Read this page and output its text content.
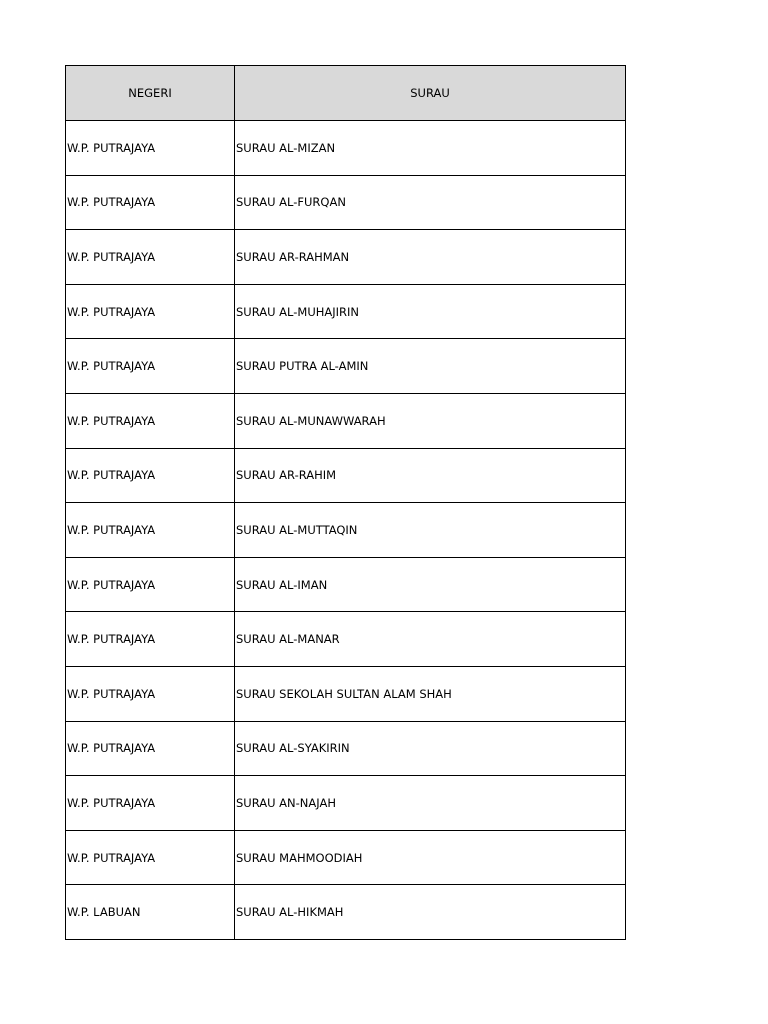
NEGERI	SURAU
W.P. PUTRAJAYA	SURAU AL-MIZAN
W.P. PUTRAJAYA	SURAU AL-FURQAN
W.P. PUTRAJAYA	SURAU AR-RAHMAN
W.P. PUTRAJAYA	SURAU AL-MUHAJIRIN
W.P. PUTRAJAYA	SURAU PUTRA AL-AMIN
W.P. PUTRAJAYA	SURAU AL-MUNAWWARAH
W.P. PUTRAJAYA	SURAU AR-RAHIM
W.P. PUTRAJAYA	SURAU AL-MUTTAQIN
W.P. PUTRAJAYA	SURAU AL-IMAN
W.P. PUTRAJAYA	SURAU AL-MANAR
W.P. PUTRAJAYA	SURAU SEKOLAH SULTAN ALAM SHAH
W.P. PUTRAJAYA	SURAU AL-SYAKIRIN
W.P. PUTRAJAYA	SURAU AN-NAJAH
W.P. PUTRAJAYA	SURAU MAHMOODIAH
W.P. LABUAN	SURAU AL-HIKMAH
